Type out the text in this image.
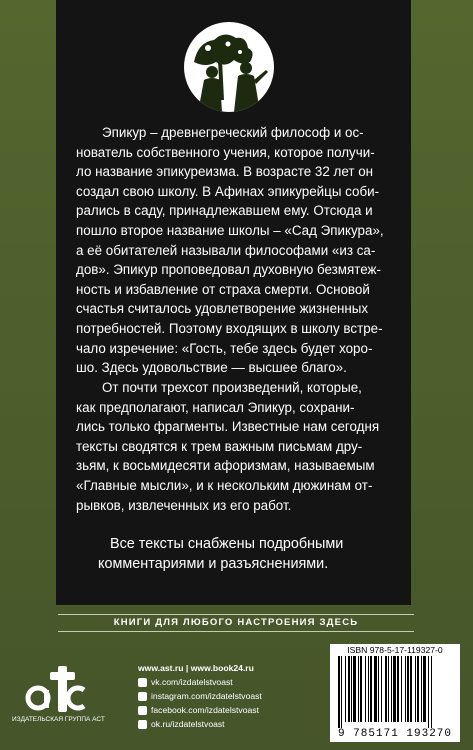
Эпикур – древнегреческий философ и ос-
нователь собственного учения, которое получи-
ло название эпикуреизма. В возрасте 32 лет он
создал свою школу. В Афинах эпикурейцы соби-
рались в саду, принадлежавшем ему. Отсюда и
пошло второе название школы – «Сад Эпикура»,
а её обитателей называли философами «из са-
дов». Эпикур проповедовал духовную безмятеж-
ность и избавление от страха смерти. Основой
счастья считалось удовлетворение жизненных
потребностей. Поэтому входящих в школу встре-
чало изречение: «Гость, тебе здесь будет хоро-
шо. Здесь удовольствие — высшее благо».
От почти трехсот произведений, которые,
как предполагают, написал Эпикур, сохрани-
лись только фрагменты. Известные нам сегодня
тексты сводятся к трем важным письмам дру-
зьям, к восьмидесяти афоризмам, называемым
«Главные мысли», и к нескольким дюжинам от-
рывков, извлеченных из его работ.
Все тексты снабжены подробными
комментариями и разъяснениями.
КНИГИ ДЛЯ ЛЮБОГО НАСТРОЕНИЯ ЗДЕСЬ
ИЗДАТЕЛЬСКАЯ ГРУППА АСТ
www.ast.ru | www.book24.ru
vk.com/izdatelstvoast
instagram.com/izdatelstvoast
facebook.com/izdatelstvoast
ok.ru/izdatelstvoast
ISBN 978-5-17-119327-0
9 785171 193270
